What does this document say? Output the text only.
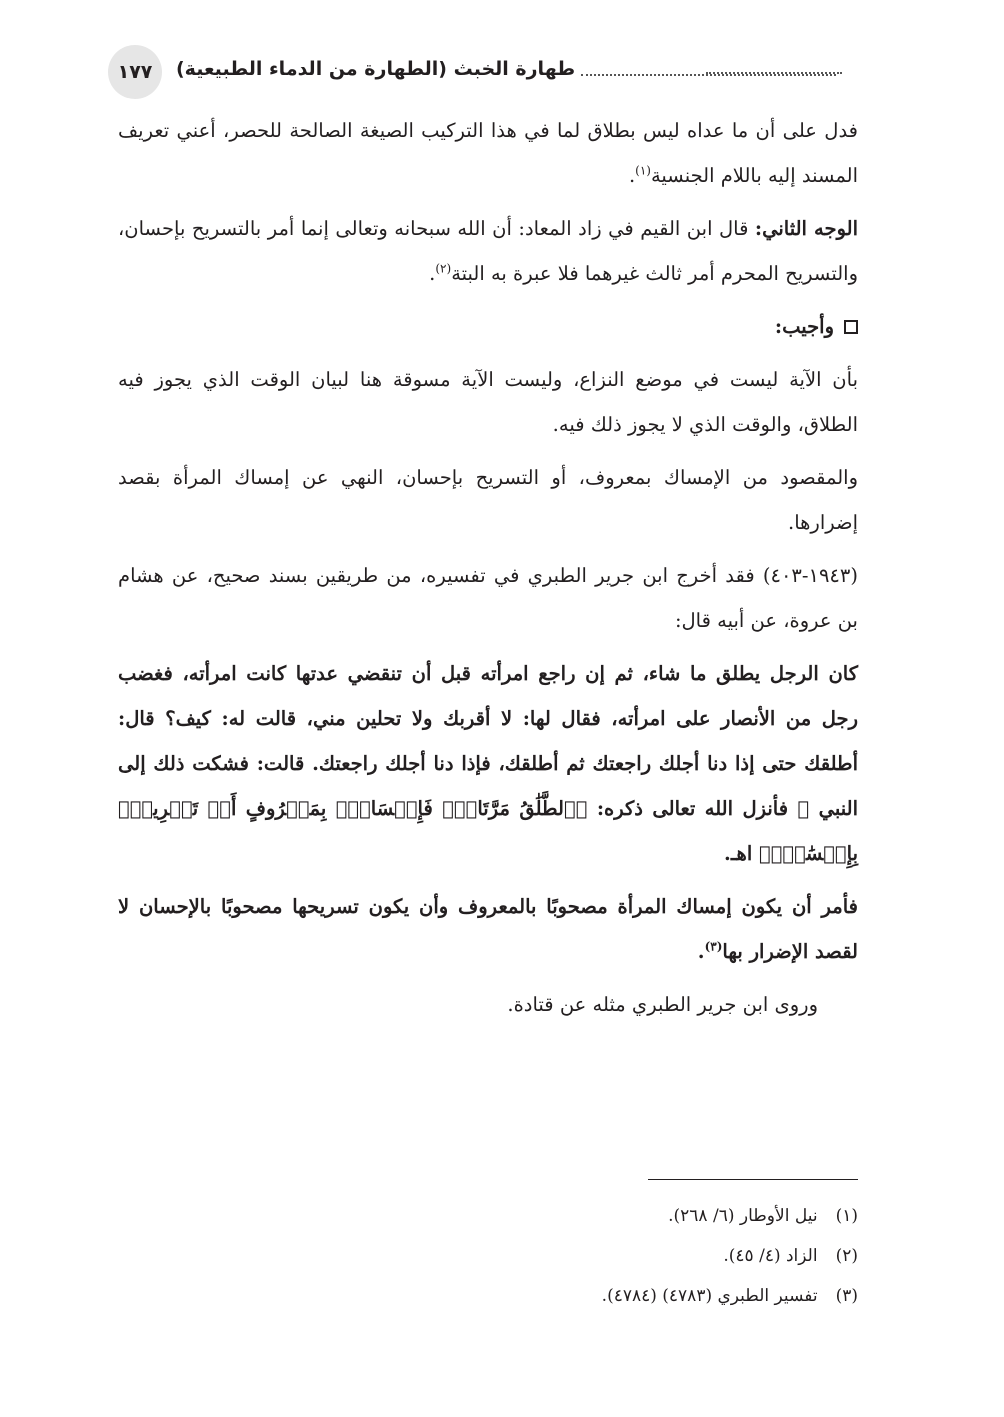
١٧٧ طهارة الخبث (الطهارة من الدماء الطبيعية)

فدل على أن ما عداه ليس بطلاق لما في هذا التركيب الصيغة الصالحة للحصر، أعني تعريف المسند إليه باللام الجنسية$^{(١)}$.

الوجه الثاني: قال ابن القيم في زاد المعاد: أن الله سبحانه وتعالى إنما أمر بالتسريح بإحسان، والتسريح المحرم أمر ثالث غيرهما فلا عبرة به البتة$^{(٢)}$.

وأجيب:

بأن الآية ليست في موضع النزاع، وليست الآية مسوقة هنا لبيان الوقت الذي يجوز فيه الطلاق، والوقت الذي لا يجوز ذلك فيه.

والمقصود من الإمساك بمعروف، أو التسريح بإحسان، النهي عن إمساك المرأة بقصد إضرارها.

(١٩٤٣-٤٠٣) فقد أخرج ابن جرير الطبري في تفسيره، من طريقين بسند صحيح، عن هشام بن عروة، عن أبيه قال:

كان الرجل يطلق ما شاء، ثم إن راجع امرأته قبل أن تنقضي عدتها كانت امرأته، فغضب رجل من الأنصار على امرأته، فقال لها: لا أقربك ولا تحلين مني، قالت له: كيف؟ قال: أطلقك حتى إذا دنا أجلك راجعتك ثم أطلقك، فإذا دنا أجلك راجعتك. قالت: فشكت ذلك إلى النبي ﷺ فأنزل الله تعالى ذكره: ﴿ٱلطَّلَٰقُ مَرَّتَانِۖ فَإِمۡسَاكُۢ بِمَعۡرُوفٍ أَوۡ تَسۡرِيحُۢ بِإِحۡسَٰنٖۗ﴾ اهـ.

فأمر أن يكون إمساك المرأة مصحوبًا بالمعروف وأن يكون تسريحها مصحوبًا بالإحسان لا لقصد الإضرار بها$^{(٣)}$.

وروى ابن جرير الطبري مثله عن قتادة.

(١)
نيل الأوطار (٦/ ٢٦٨).
(٢)
الزاد (٤/ ٤٥).
(٣)
تفسير الطبري (٤٧٨٣) (٤٧٨٤).
